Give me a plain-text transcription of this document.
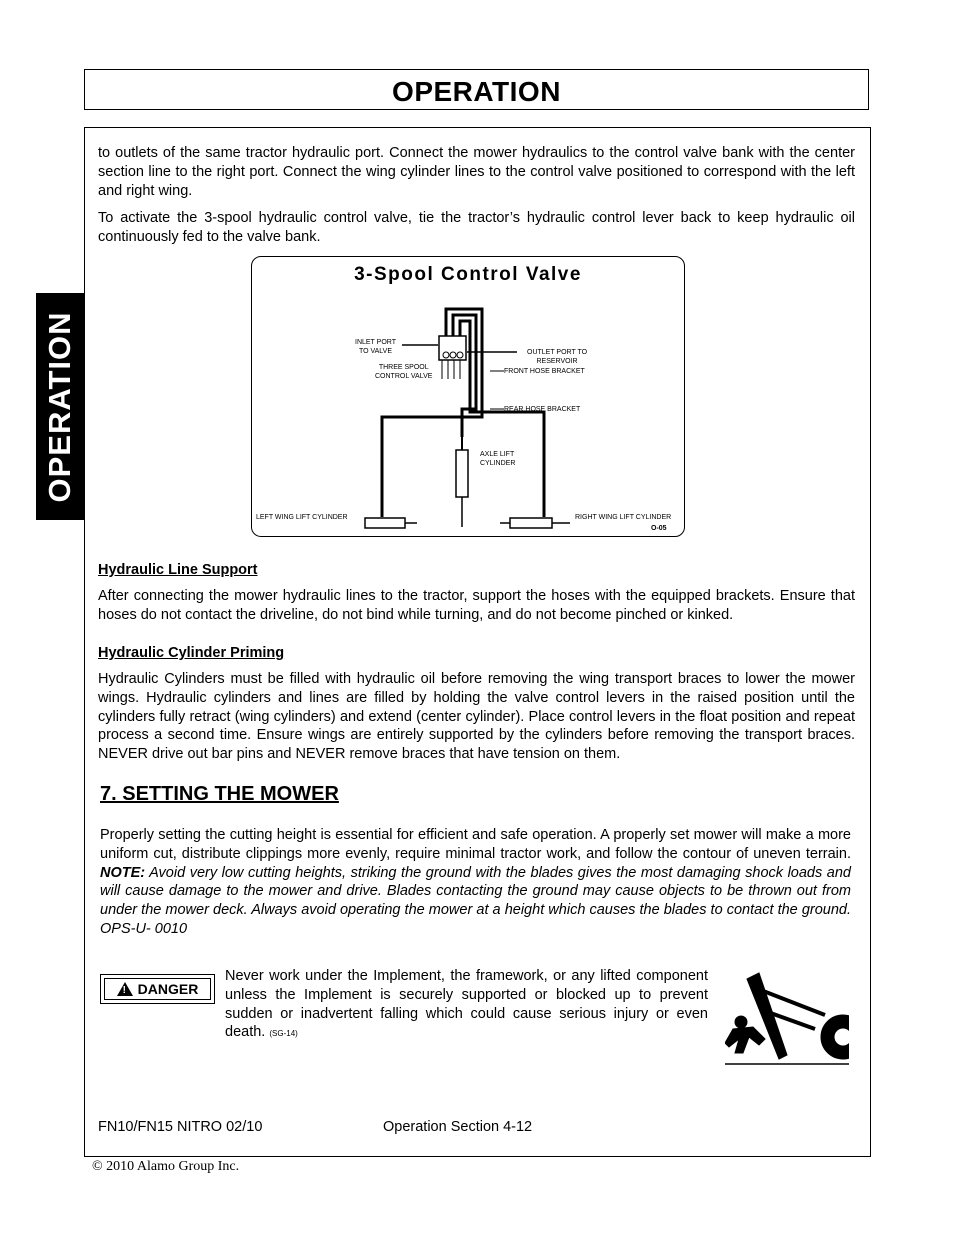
OPERATION
OPERATION

to outlets of the same tractor hydraulic port. Connect the mower hydraulics to the control valve bank with the center section line to the right port. Connect the wing cylinder lines to the control valve positioned to correspond with the left and right wing.

To activate the 3-spool hydraulic control valve, tie the tractor’s hydraulic control lever back to keep hydraulic oil continuously fed to the valve bank.

3-Spool Control Valve
INLET PORT
TO VALVE
THREE SPOOL
CONTROL VALVE
OUTLET PORT TO
RESERVOIR
FRONT HOSE BRACKET
REAR HOSE BRACKET
AXLE LIFT
CYLINDER
LEFT WING LIFT CYLINDER	RIGHT WING LIFT CYLINDER
O-05

Hydraulic Line Support

After connecting the mower hydraulic lines to the tractor, support the hoses with the equipped brackets. Ensure that hoses do not contact the driveline, do not bind while turning, and do not become pinched or kinked.

Hydraulic Cylinder Priming

Hydraulic Cylinders must be filled with hydraulic oil before removing the wing transport braces to lower the mower wings. Hydraulic cylinders and lines are filled by holding the valve control levers in the raised position until the cylinders fully retract (wing cylinders) and extend (center cylinder). Place control levers in the float position and repeat process a second time. Ensure wings are entirely supported by the cylinders before removing the transport braces. NEVER drive out bar pins and NEVER remove braces that have tension on them.

7. SETTING THE MOWER

Properly setting the cutting height is essential for efficient and safe operation. A properly set mower will make a more uniform cut, distribute clippings more evenly, require minimal tractor work, and follow the contour of uneven terrain. NOTE: Avoid very low cutting heights, striking the ground with the blades gives the most damaging shock loads and will cause damage to the mower and drive. Blades contacting the ground may cause objects to be thrown out from under the mower deck. Always avoid operating the mower at a height which causes the blades to contact the ground. OPS-U- 0010

! DANGER

Never work under the Implement, the framework, or any lifted component unless the Implement is securely supported or blocked up to prevent sudden or inadvertent falling which could cause serious injury or even death. (SG-14)

FN10/FN15 NITRO 02/10	Operation Section 4-12
© 2010 Alamo Group Inc.
